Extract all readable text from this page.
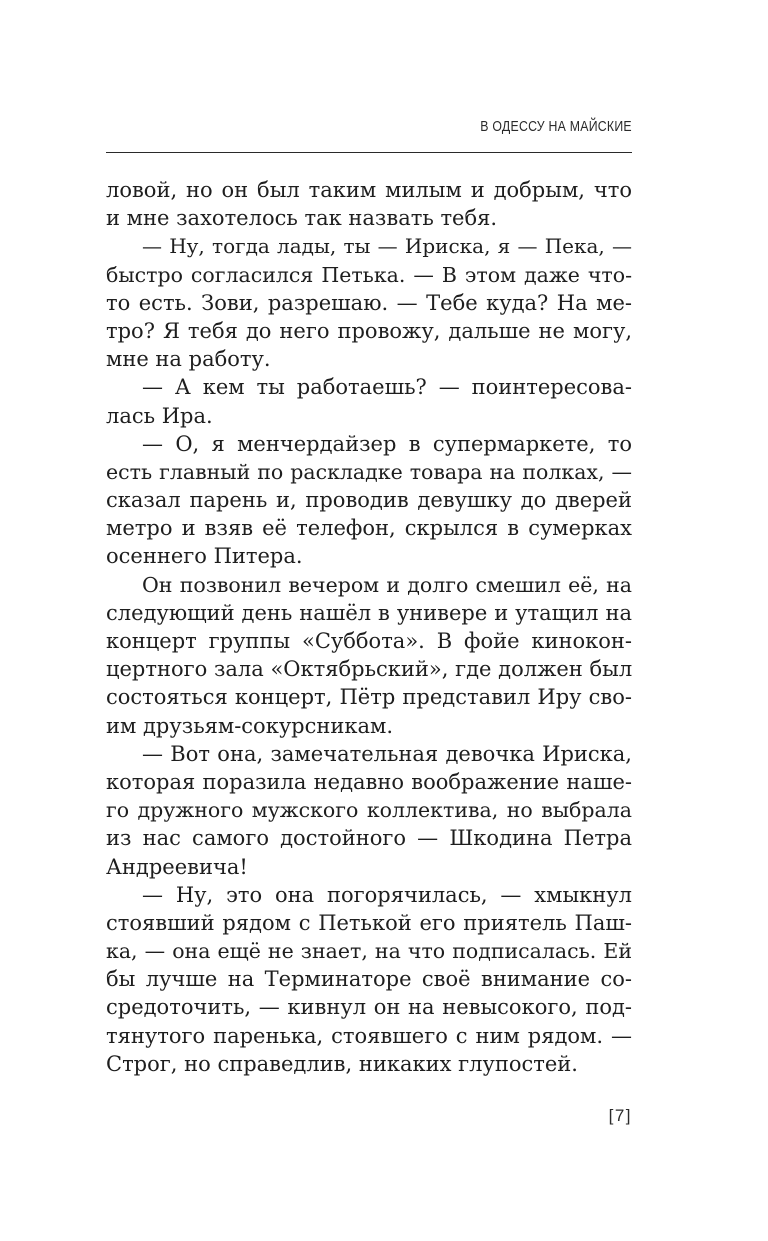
В ОДЕССУ НА МАЙСКИЕ
ловой, но он был таким милым и добрым, что
и мне захотелось так назвать тебя.
— Ну, тогда лады, ты — Ириска, я — Пека, —
быстро согласился Петька. — В этом даже что-
то есть. Зови, разрешаю. — Тебе куда? На ме-
тро? Я тебя до него провожу, дальше не могу,
мне на работу.
— А кем ты работаешь? — поинтересова-
лась Ира.
— О, я менчердайзер в супермаркете, то
есть главный по раскладке товара на полках, —
сказал парень и, проводив девушку до дверей
метро и взяв её телефон, скрылся в сумерках
осеннего Питера.
Он позвонил вечером и долго смешил её, на
следующий день нашёл в универе и утащил на
концерт группы «Суббота». В фойе кинокон-
цертного зала «Октябрьский», где должен был
состояться концерт, Пётр представил Иру сво-
им друзьям-сокурсникам.
— Вот она, замечательная девочка Ириска,
которая поразила недавно воображение наше-
го дружного мужского коллектива, но выбрала
из нас самого достойного — Шкодина Петра
Андреевича!
— Ну, это она погорячилась, — хмыкнул
стоявший рядом с Петькой его приятель Паш-
ка, — она ещё не знает, на что подписалась. Ей
бы лучше на Терминаторе своё внимание со-
средоточить, — кивнул он на невысокого, под-
тянутого паренька, стоявшего с ним рядом. —
Строг, но справедлив, никаких глупостей.
[7]
